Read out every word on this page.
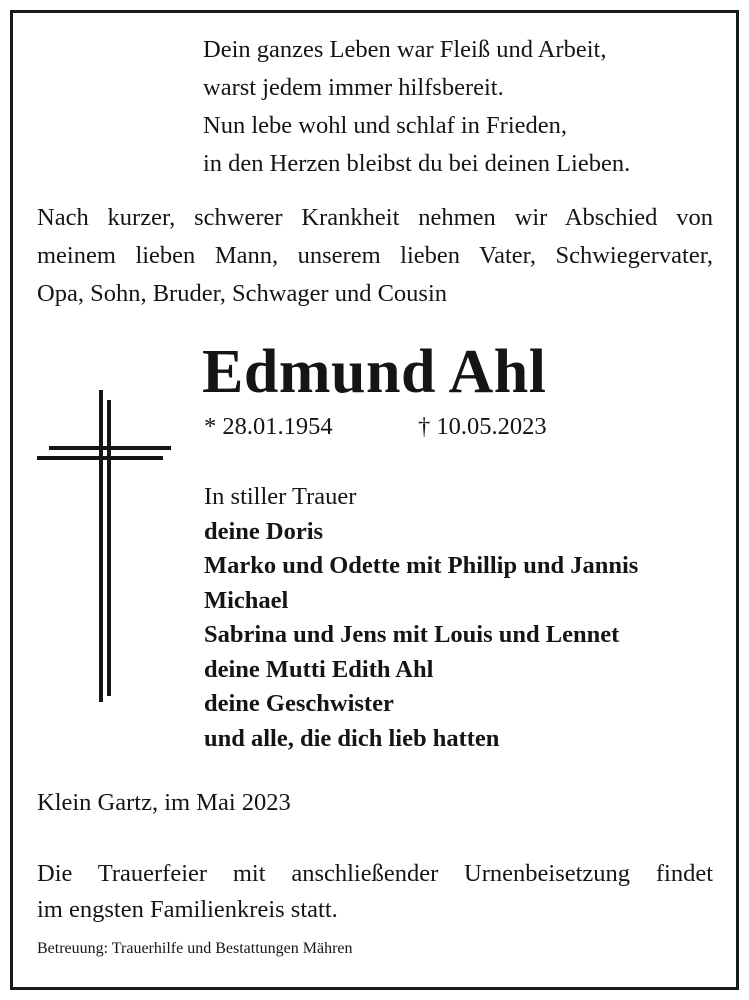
Dein ganzes Leben war Fleiß und Arbeit,
warst jedem immer hilfsbereit.
Nun lebe wohl und schlaf in Frieden,
in den Herzen bleibst du bei deinen Lieben.
Nach kurzer, schwerer Krankheit nehmen wir Abschied von
meinem lieben Mann, unserem lieben Vater, Schwiegervater,
Opa, Sohn, Bruder, Schwager und Cousin
Edmund Ahl
* 28.01.1954	† 10.05.2023
In stiller Trauer
deine Doris
Marko und Odette mit Phillip und Jannis
Michael
Sabrina und Jens mit Louis und Lennet
deine Mutti Edith Ahl
deine Geschwister
und alle, die dich lieb hatten
Klein Gartz, im Mai 2023
Die Trauerfeier mit anschließender Urnenbeisetzung findet
im engsten Familienkreis statt.
Betreuung: Trauerhilfe und Bestattungen Mähren
